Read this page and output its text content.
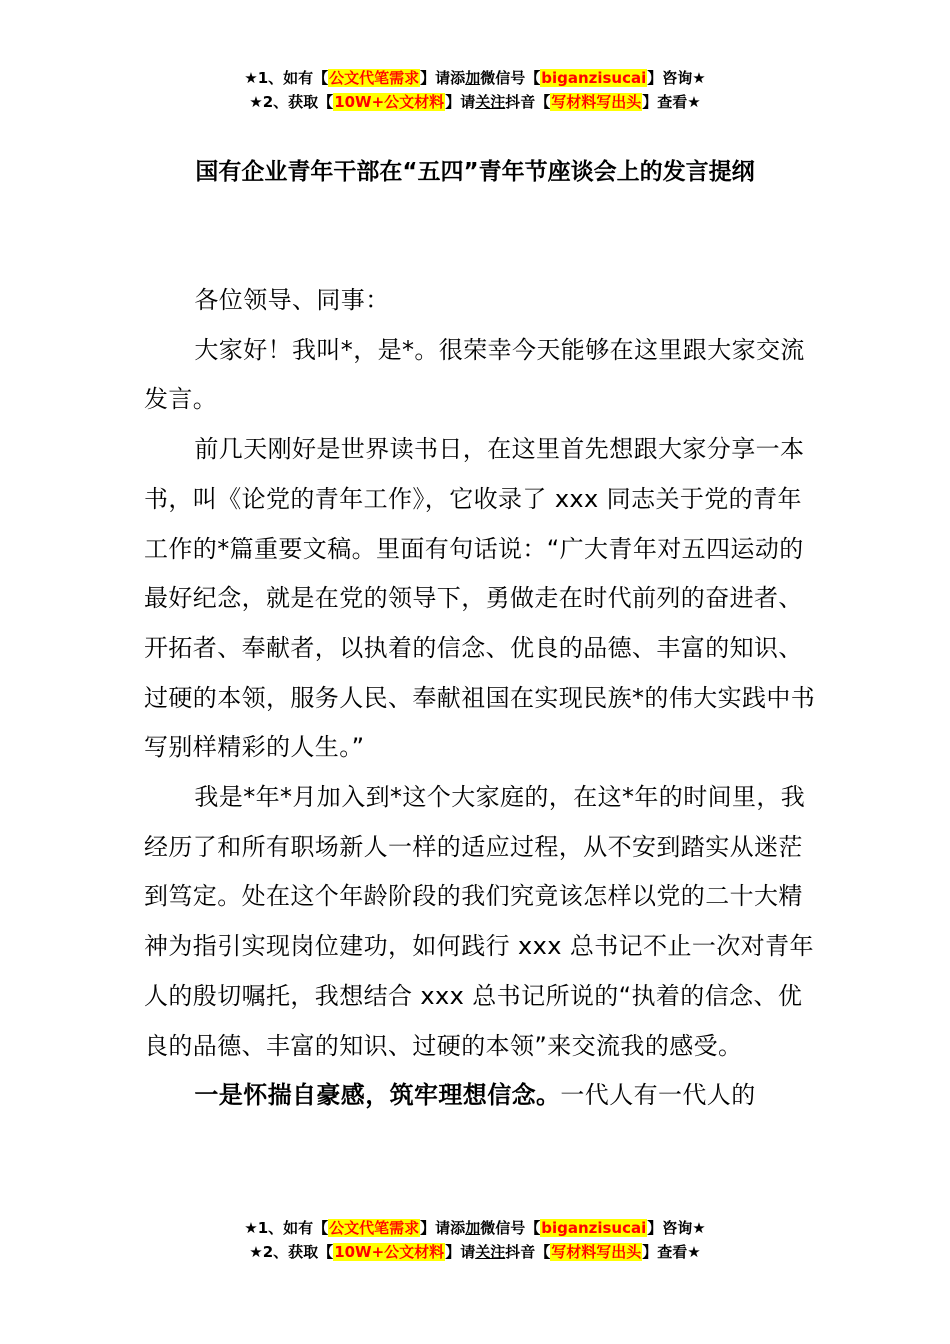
★1、如有【公文代笔需求】请添加微信号【biganzisucai】咨询★
★2、获取【10W+公文材料】请关注抖音【写材料写出头】查看★
国有企业青年干部在“五四”青年节座谈会上的发言提纲

各位领导、同事：

大家好！我叫*，是*。很荣幸今天能够在这里跟大家交流发言。

前几天刚好是世界读书日，在这里首先想跟大家分享一本书，叫《论党的青年工作》，它收录了 xxx 同志关于党的青年工作的*篇重要文稿。里面有句话说：“广大青年对五四运动的最好纪念，就是在党的领导下，勇做走在时代前列的奋进者、开拓者、奉献者，以执着的信念、优良的品德、丰富的知识、过硬的本领，服务人民、奉献祖国在实现民族*的伟大实践中书写别样精彩的人生。”

我是*年*月加入到*这个大家庭的，在这*年的时间里，我经历了和所有职场新人一样的适应过程，从不安到踏实从迷茫到笃定。处在这个年龄阶段的我们究竟该怎样以党的二十大精神为指引实现岗位建功，如何践行 xxx 总书记不止一次对青年人的殷切嘱托，我想结合 xxx 总书记所说的“执着的信念、优良的品德、丰富的知识、过硬的本领”来交流我的感受。

一是怀揣自豪感，筑牢理想信念。一代人有一代人的

★1、如有【公文代笔需求】请添加微信号【biganzisucai】咨询★
★2、获取【10W+公文材料】请关注抖音【写材料写出头】查看★
